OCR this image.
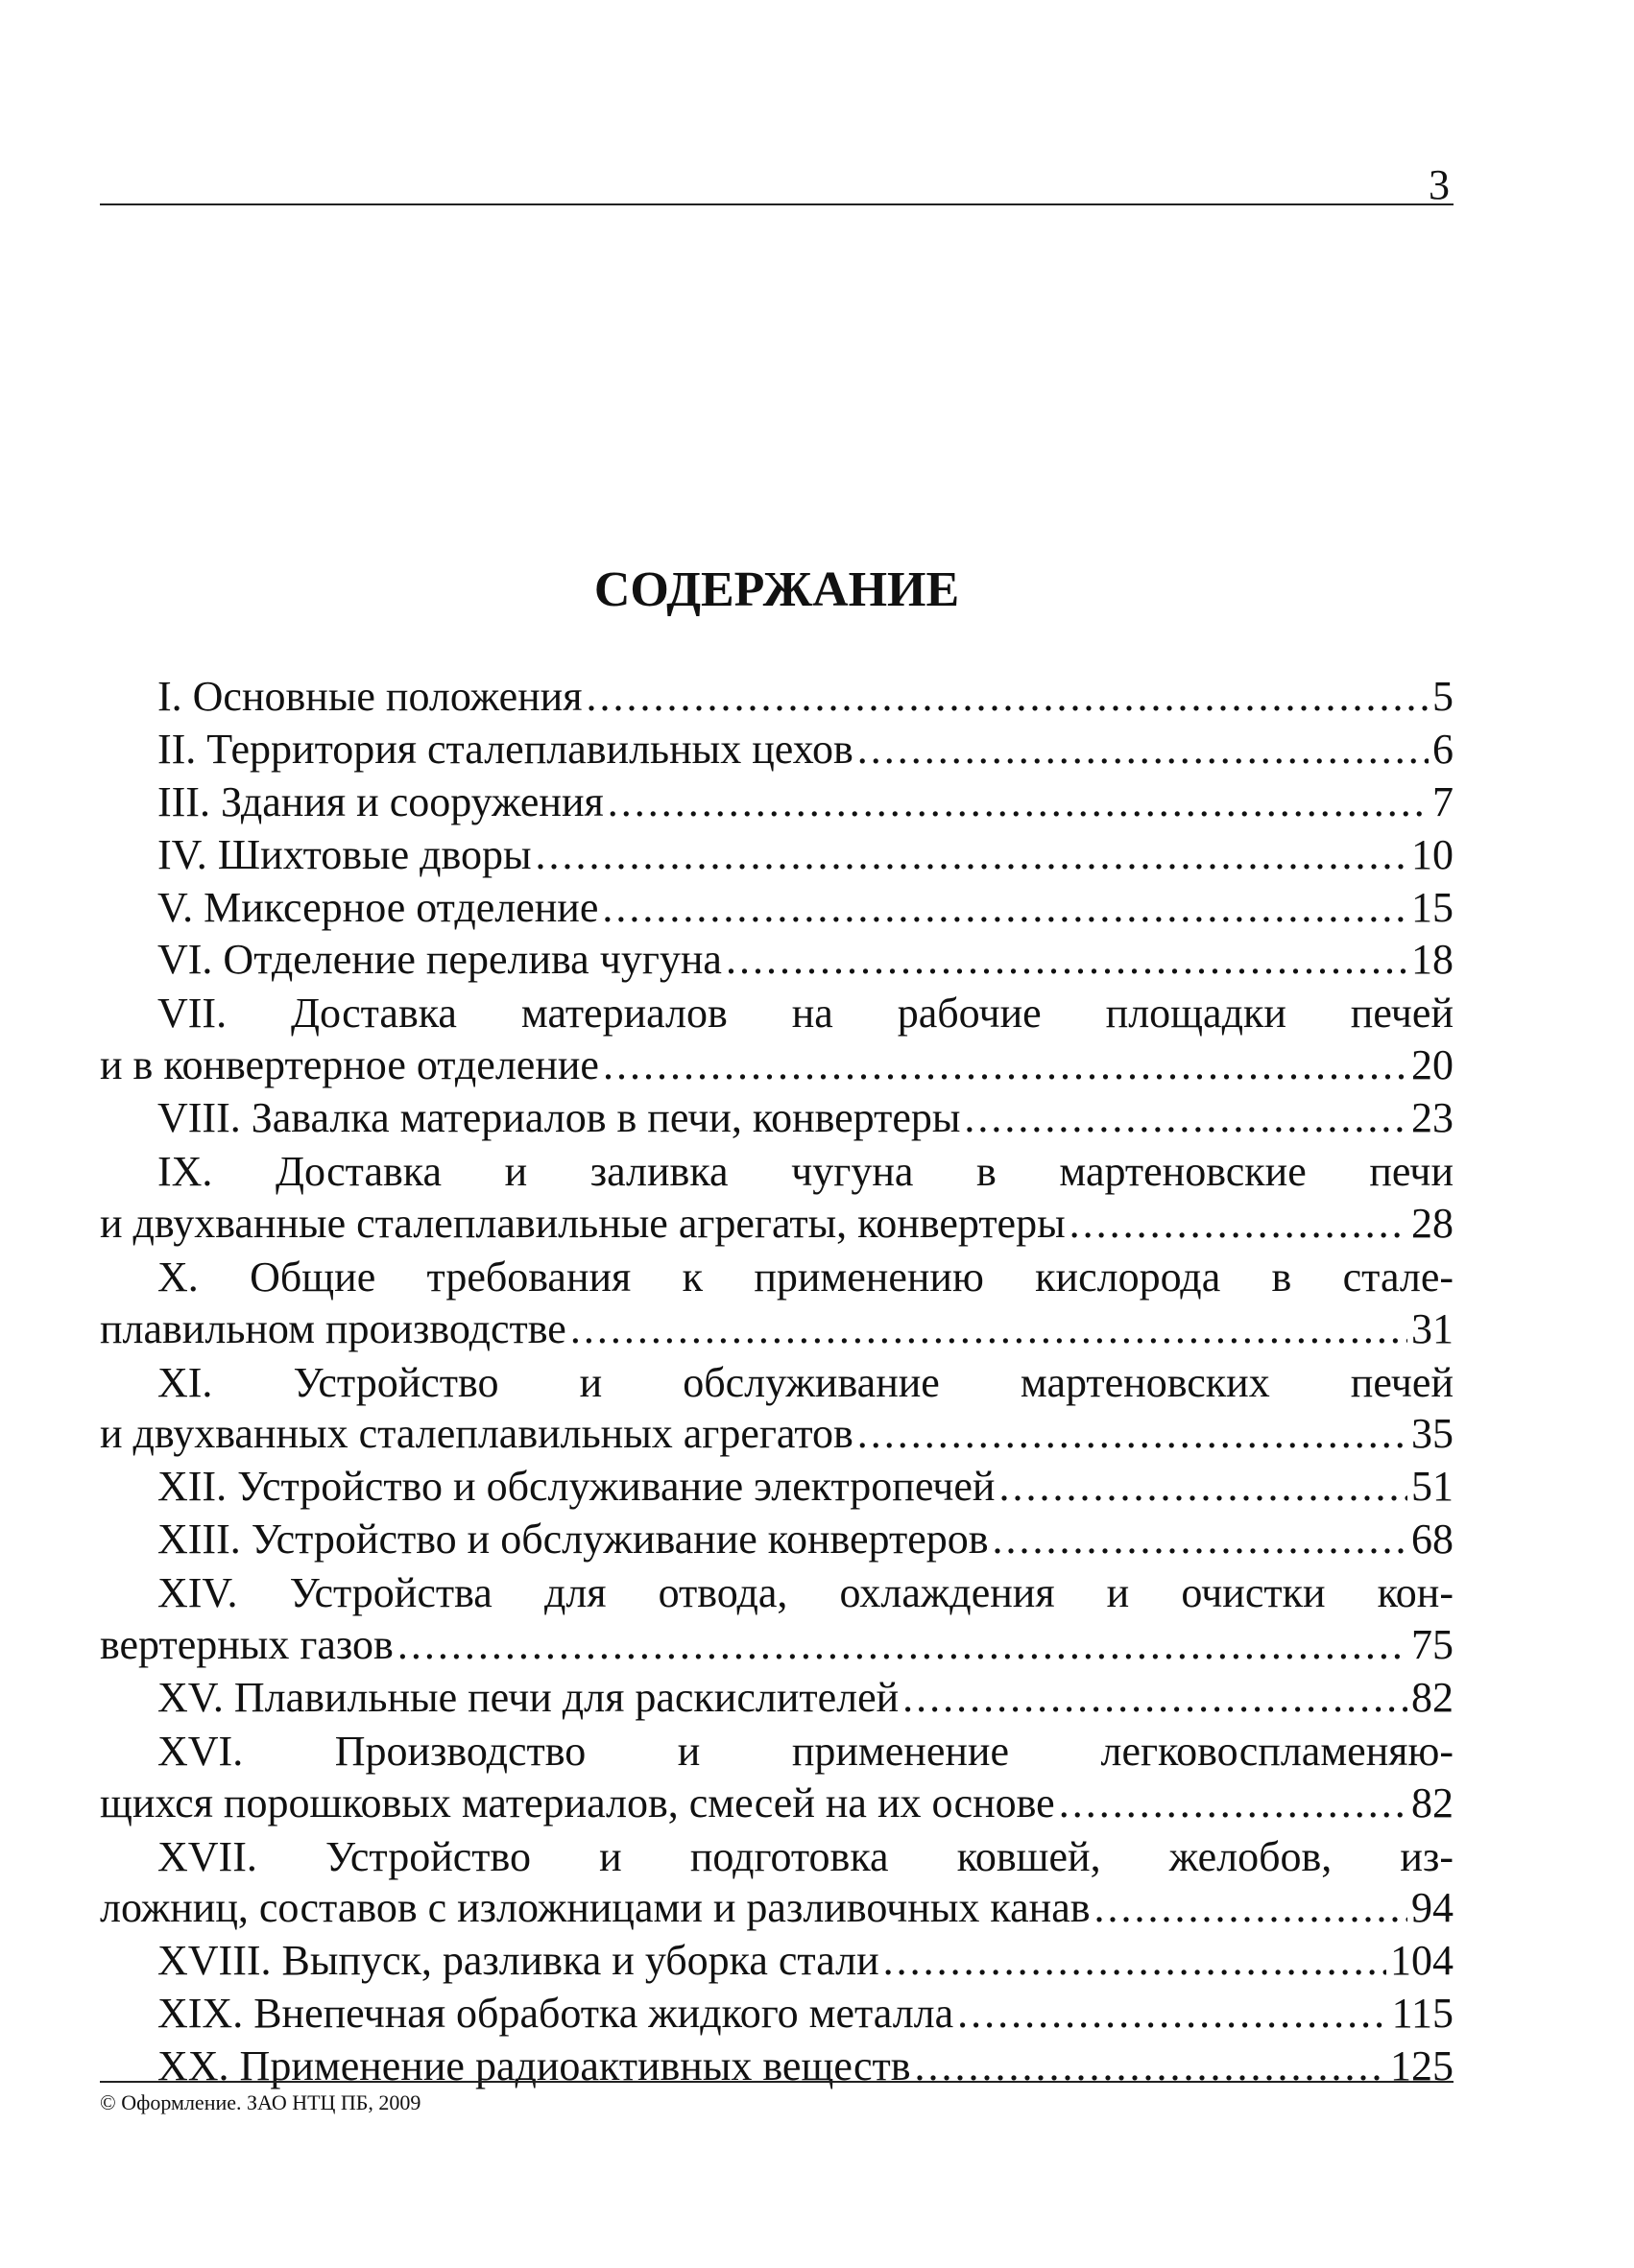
3
СОДЕРЖАНИЕ
I. Основные положения .....	5
II. Территория сталеплавильных цехов .....	6
III. Здания и сооружения .....	7
IV. Шихтовые дворы .....	10
V. Миксерное отделение .....	15
VI. Отделение перелива чугуна .....	18
VII. Доставка материалов на рабочие площадки печей
и в конвертерное отделение .....	20
VIII. Завалка материалов в печи, конвертеры .....	23
IX. Доставка и заливка чугуна в мартеновские печи
и двухванные сталеплавильные агрегаты, конвертеры .....	28
X. Общие требования к применению кислорода в стале-
плавильном производстве .....	31
XI. Устройство и обслуживание мартеновских печей
и двухванных сталеплавильных агрегатов .....	35
XII. Устройство и обслуживание электропечей .....	51
XIII. Устройство и обслуживание конвертеров .....	68
XIV. Устройства для отвода, охлаждения и очистки кон-
вертерных газов .....	75
XV. Плавильные печи для раскислителей .....	82
XVI. Производство и применение легковоспламеняю-
щихся порошковых материалов, смесей на их основе .....	82
XVII. Устройство и подготовка ковшей, желобов, из-
ложниц, составов с изложницами и разливочных канав .....	94
XVIII. Выпуск, разливка и уборка стали .....	104
XIX. Внепечная обработка жидкого металла .....	115
XX. Применение радиоактивных веществ .....	125
© Оформление. ЗАО НТЦ ПБ, 2009
